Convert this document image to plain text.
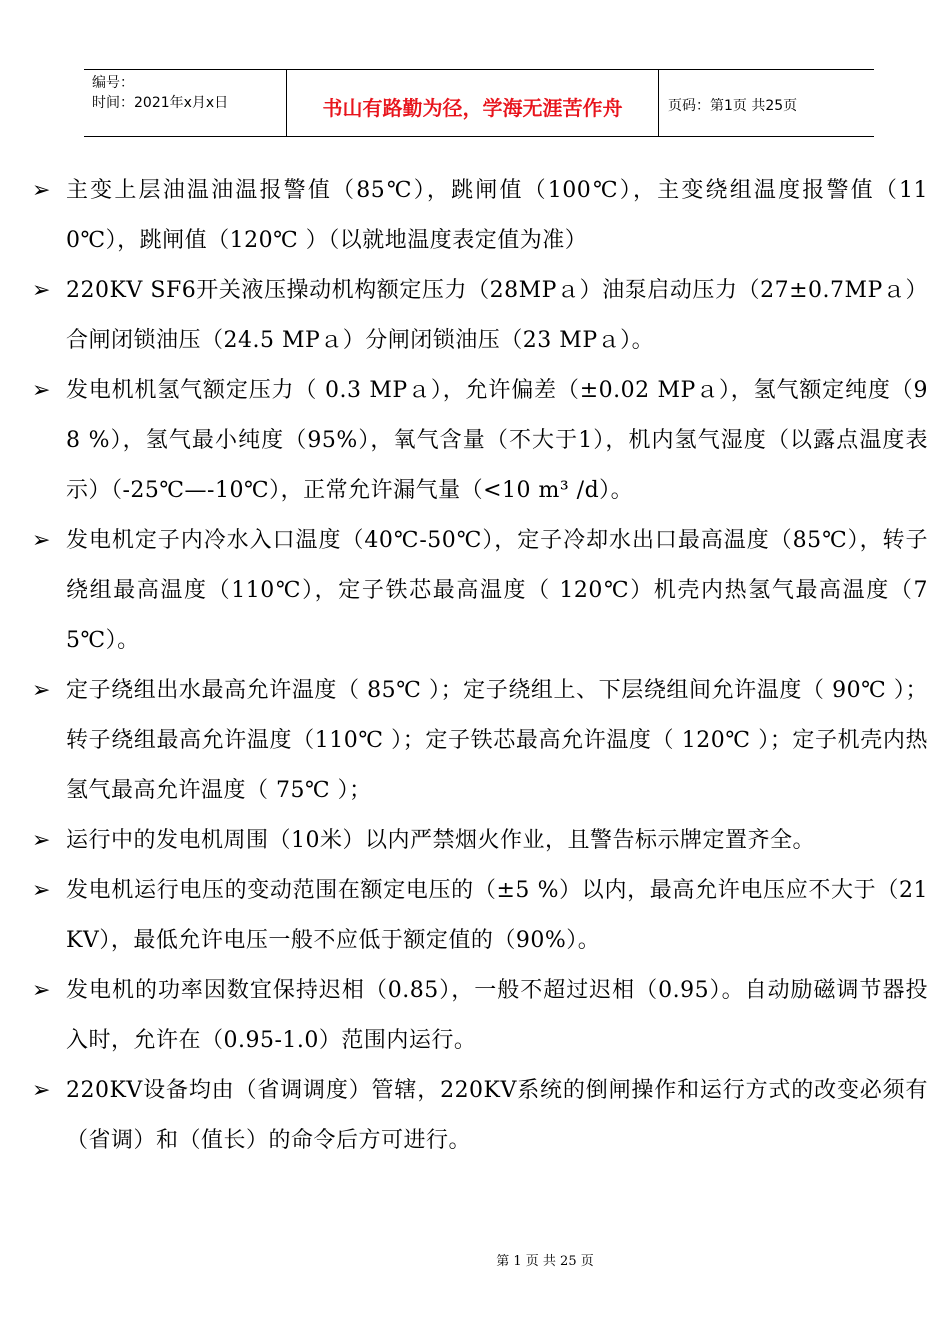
编号：
时间：2021年x月x日	书山有路勤为径，学海无涯苦作舟	页码：第1页 共25页
➢ 主变上层油温油温报警值（85℃），跳闸值（100℃），主变绕组温度报警值（110℃），跳闸值（120℃ ）（以就地温度表定值为准）
➢ 220KV SF6开关液压操动机构额定压力（28MPａ）油泵启动压力（27±0.7MPａ）合闸闭锁油压（24.5 MPａ）分闸闭锁油压（23 MPａ）。
➢ 发电机机氢气额定压力（ 0.3 MPａ），允许偏差（±0.02 MPａ），氢气额定纯度（98 %），氢气最小纯度（95%），氧气含量（不大于1），机内氢气湿度（以露点温度表示）（-25℃—-10℃），正常允许漏气量（<10 m³ /d）。
➢ 发电机定子内冷水入口温度（40℃-50℃），定子冷却水出口最高温度（85℃），转子绕组最高温度（110℃），定子铁芯最高温度（ 120℃）机壳内热氢气最高温度（75℃）。
➢ 定子绕组出水最高允许温度（ 85℃ ）；定子绕组上、下层绕组间允许温度（ 90℃ ）；转子绕组最高允许温度（110℃ ）；定子铁芯最高允许温度（ 120℃ ）；定子机壳内热氢气最高允许温度（ 75℃ ）；
➢ 运行中的发电机周围（10米）以内严禁烟火作业，且警告标示牌定置齐全。
➢ 发电机运行电压的变动范围在额定电压的（±5 %）以内，最高允许电压应不大于（21KV），最低允许电压一般不应低于额定值的（90%）。
➢ 发电机的功率因数宜保持迟相（0.85），一般不超过迟相（0.95）。自动励磁调节器投入时，允许在（0.95-1.0）范围内运行。
➢ 220KV设备均由（省调调度）管辖，220KV系统的倒闸操作和运行方式的改变必须有（省调）和（值长）的命令后方可进行。
第 1 页 共 25 页
